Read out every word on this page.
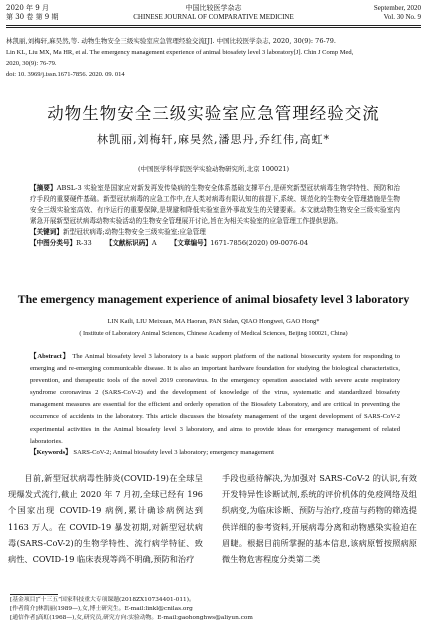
2020 年 9 月
第 30 卷 第 9 期
中国比较医学杂志
CHINESE JOURNAL OF COMPARATIVE MEDICINE
September, 2020
Vol. 30 No. 9
林凯丽,刘梅轩,麻昊然,等. 动物生物安全三级实验室应急管理经验交流[J]. 中国比较医学杂志, 2020, 30(9): 76-79.
Lin KL, Liu MX, Ma HR, et al. The emergency management experience of animal biosafety level 3 laboratory[J]. Chin J Comp Med,
2020, 30(9): 76-79.
doi: 10. 3969/j.issn.1671-7856. 2020. 09. 014
动物生物安全三级实验室应急管理经验交流
林凯丽,刘梅轩,麻昊然,潘思丹,乔红伟,高虹*
(中国医学科学院医学实验动物研究所,北京 100021)
【摘要】ABSL-3 实验室是国家应对新发再发传染病的生物安全体系基础支撑平台,是研究新型冠状病毒生物学特性、预防和治疗手段的重要硬件基础。新型冠状病毒的应急工作中,在人类对病毒有限认知的前提下,系统、规范化的生物安全管理措施是生物安全三级实验室高效、有序运行的重要保障,是规避和降低实验室意外事故发生的关键要素。本文就动物生物安全三级实验室内紧急开展新型冠状病毒动物实验活动的生物安全管理展开讨论,旨在为相关实验室的应急管理工作提供思路。
【关键词】新型冠状病毒;动物生物安全三级实验室;应急管理
【中图分类号】R-33 【文献标识码】A 【文章编号】1671-7856(2020) 09-0076-04
The emergency management experience of animal biosafety level 3 laboratory
LIN Kaili, LIU Meixuan, MA Haoran, PAN Sidan, QIAO Hongwei, GAO Hong*
( Institute of Laboratory Animal Sciences, Chinese Academy of Medical Sciences, Beijing 100021, China)
【Abstract】 The Animal biosafety level 3 laboratory is a basic support platform of the national biosecurity system for responding to emerging and re-emerging communicable disease. It is also an important hardware foundation for studying the biological characteristics, prevention, and therapeutic tools of the novel 2019 coronavirus. In the emergency operation associated with severe acute respiratory syndrome coronavirus 2 (SARS-CoV-2) and the development of knowledge of the virus, systematic and standardized biosafety management measures are essential for the efficient and orderly operation of the Biosafety Laboratory, and are critical in preventing the occurrence of accidents in the laboratory. This article discusses the biosafety management of the urgent development of SARS-CoV-2 experimental activities in the Animal biosafety level 3 laboratory, and aims to provide ideas for emergency management of related laboratories.
【Keywords】 SARS-CoV-2; Animal biosafety level 3 laboratory; emergency management
目前,新型冠状病毒性肺炎(COVID-19)在全球呈现爆发式流行,截止 2020 年 7 月初,全球已经有 196 个国家出现 COVID-19 病例,累计确诊病例达到 1163 万人。在 COVID-19 暴发初期,对新型冠状病毒(SARS-CoV-2)的生物学特性、流行病学特征、致病性、COVID-19 临床表现等尚不明确,预防和治疗
手段也亟待解决,为加强对 SARS-CoV-2 的认识,有效开发特异性诊断试剂,系统的评价机体的免疫网络及组织病变,为临床诊断、预防与治疗,疫苗与药物的筛选提供详细的参考资料,开展病毒分离和动物感染实验迫在眉睫。根据目前所掌握的基本信息,该病原暂按照病原微生物危害程度分类第二类
[基金项目]“十三五”国家科技重大专项课题(2018ZX10734401-011)。
[作者简介]林凯丽(1989—),女,博士研究生。E-mail:linkl@cnilas.org
[通信作者]高虹(1968—),女,研究员,研究方向:实验动物。E-mail:gaohonghws@aliyun.com
